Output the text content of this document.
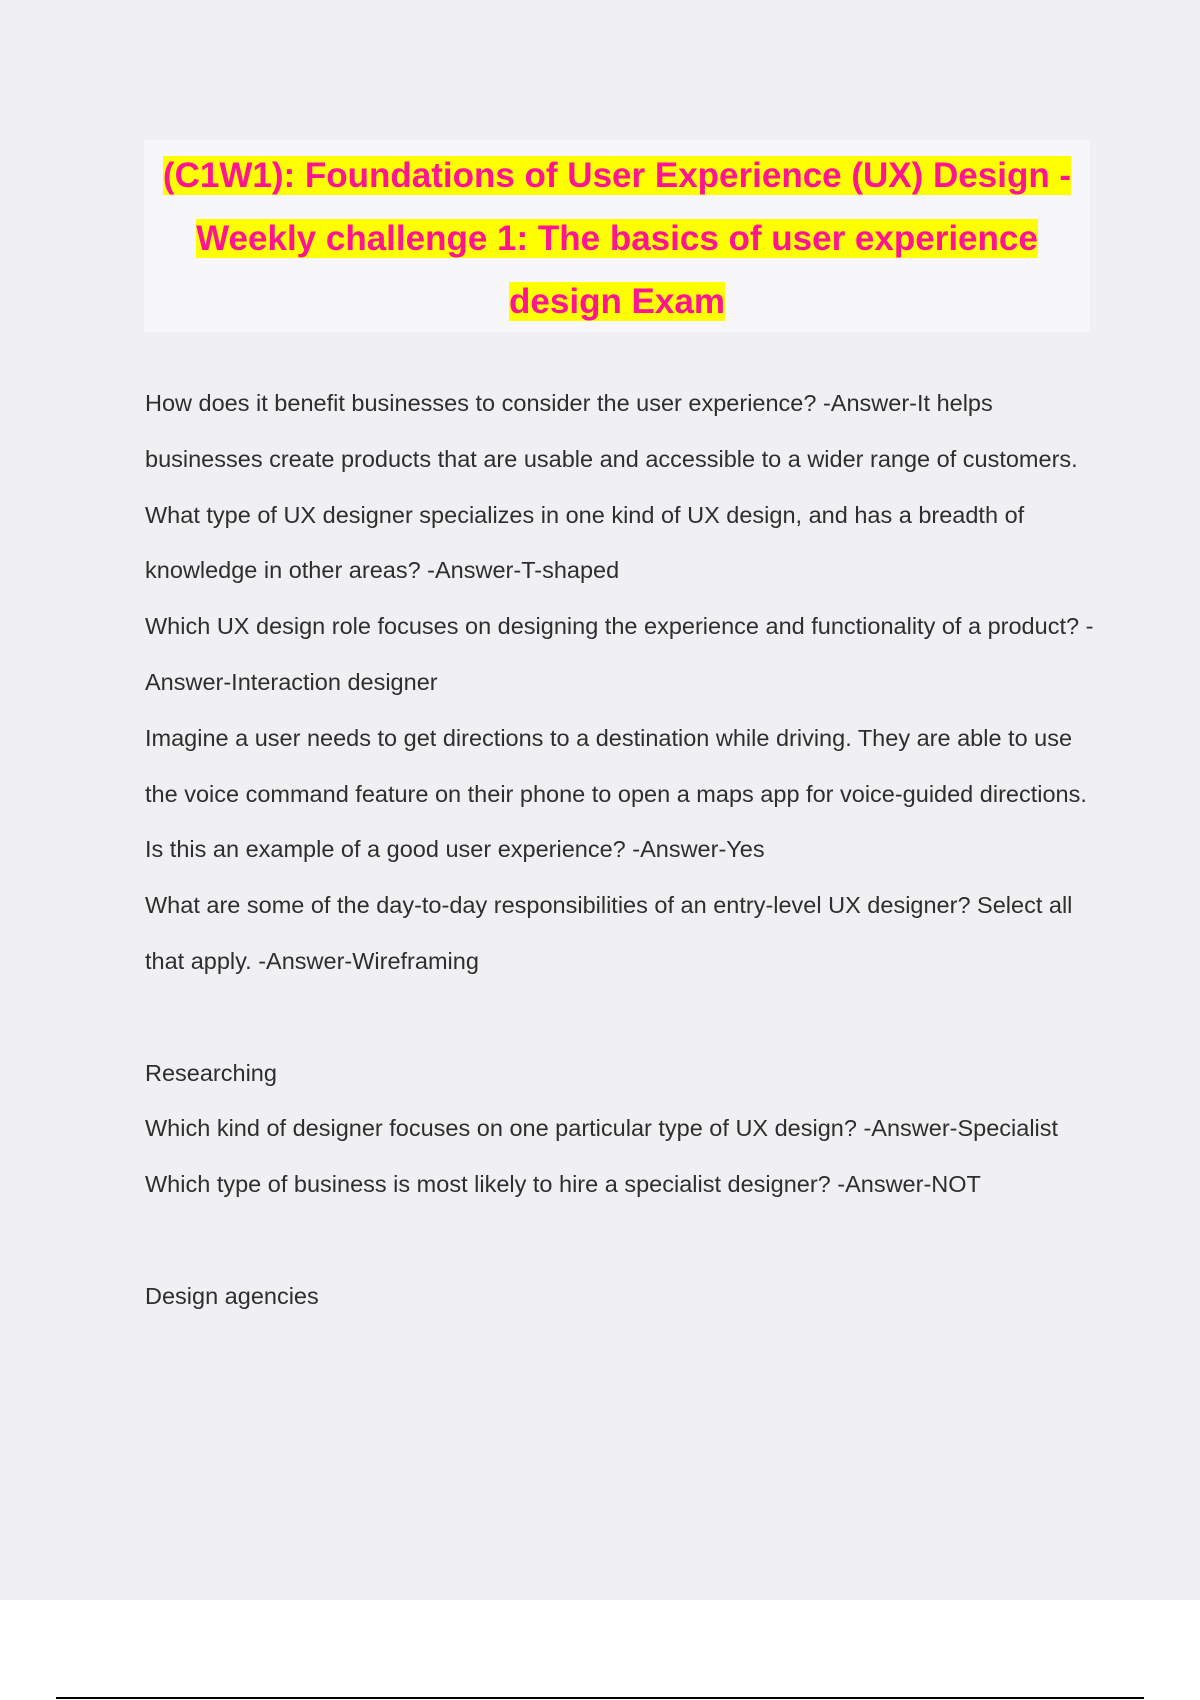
(C1W1): Foundations of User Experience (UX) Design - Weekly challenge 1: The basics of user experience design Exam

How does it benefit businesses to consider the user experience? -Answer-It helps businesses create products that are usable and accessible to a wider range of customers.

What type of UX designer specializes in one kind of UX design, and has a breadth of knowledge in other areas? -Answer-T-shaped

Which UX design role focuses on designing the experience and functionality of a product? -Answer-Interaction designer

Imagine a user needs to get directions to a destination while driving. They are able to use the voice command feature on their phone to open a maps app for voice-guided directions. Is this an example of a good user experience? -Answer-Yes

What are some of the day-to-day responsibilities of an entry-level UX designer? Select all that apply. -Answer-Wireframing

Researching

Which kind of designer focuses on one particular type of UX design? -Answer-Specialist

Which type of business is most likely to hire a specialist designer? -Answer-NOT

Design agencies
